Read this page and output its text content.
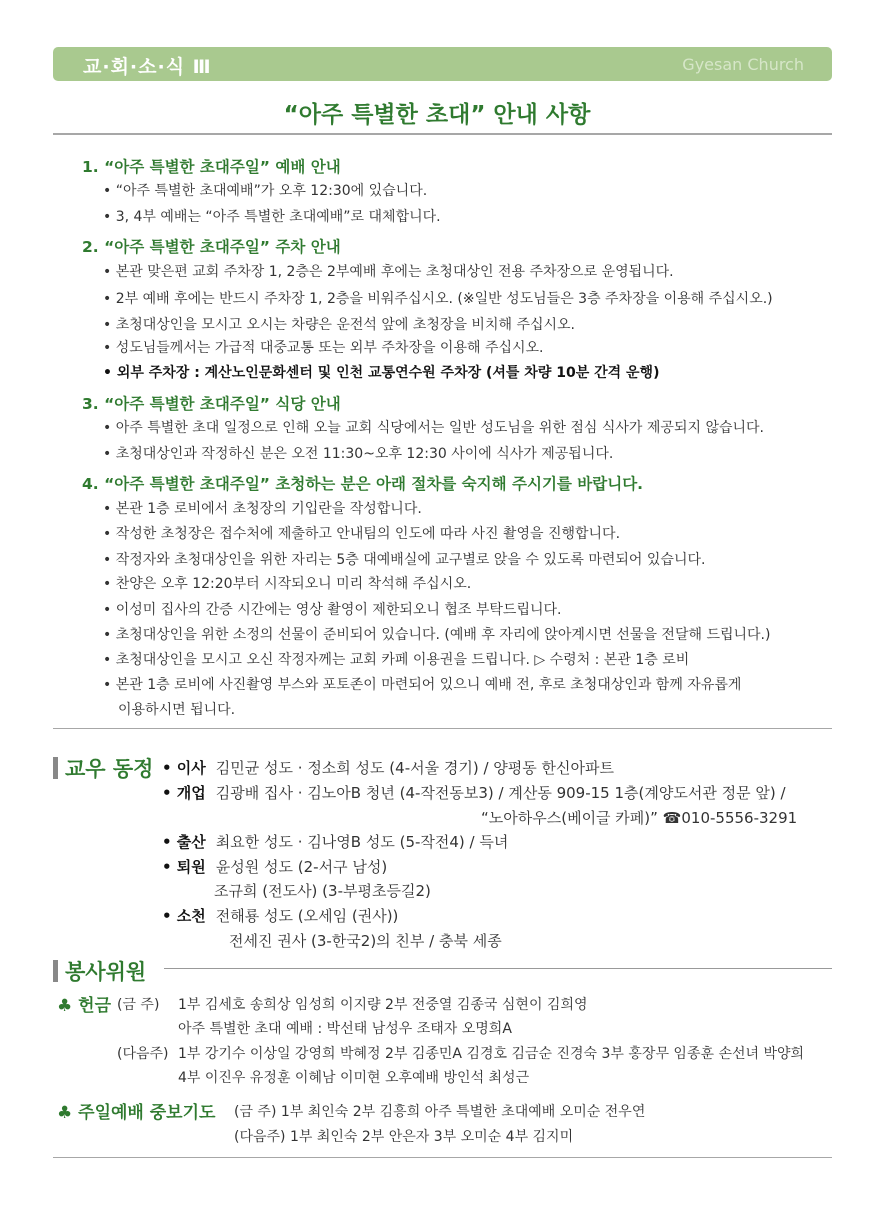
교·회·소·식 Ⅲ	Gyesan Church
“아주 특별한 초대” 안내 사항
1. “아주 특별한 초대주일” 예배 안내
• “아주 특별한 초대예배”가 오후 12:30에 있습니다.
• 3, 4부 예배는 “아주 특별한 초대예배”로 대체합니다.
2. “아주 특별한 초대주일” 주차 안내
• 본관 맞은편 교회 주차장 1, 2층은 2부예배 후에는 초청대상인 전용 주차장으로 운영됩니다.
• 2부 예배 후에는 반드시 주차장 1, 2층을 비워주십시오. (※일반 성도님들은 3층 주차장을 이용해 주십시오.)
• 초청대상인을 모시고 오시는 차량은 운전석 앞에 초청장을 비치해 주십시오.
• 성도님들께서는 가급적 대중교통 또는 외부 주차장을 이용해 주십시오.
• 외부 주차장 : 계산노인문화센터 및 인천 교통연수원 주차장 (셔틀 차량 10분 간격 운행)
3. “아주 특별한 초대주일” 식당 안내
• 아주 특별한 초대 일정으로 인해 오늘 교회 식당에서는 일반 성도님을 위한 점심 식사가 제공되지 않습니다.
• 초청대상인과 작정하신 분은 오전 11:30~오후 12:30 사이에 식사가 제공됩니다.
4. “아주 특별한 초대주일” 초청하는 분은 아래 절차를 숙지해 주시기를 바랍니다.
• 본관 1층 로비에서 초청장의 기입란을 작성합니다.
• 작성한 초청장은 접수처에 제출하고 안내팀의 인도에 따라 사진 촬영을 진행합니다.
• 작정자와 초청대상인을 위한 자리는 5층 대예배실에 교구별로 앉을 수 있도록 마련되어 있습니다.
• 찬양은 오후 12:20부터 시작되오니 미리 착석해 주십시오.
• 이성미 집사의 간증 시간에는 영상 촬영이 제한되오니 협조 부탁드립니다.
• 초청대상인을 위한 소정의 선물이 준비되어 있습니다. (예배 후 자리에 앉아계시면 선물을 전달해 드립니다.)
• 초청대상인을 모시고 오신 작정자께는 교회 카페 이용권을 드립니다. ▷ 수령처 : 본관 1층 로비
• 본관 1층 로비에 사진촬영 부스와 포토존이 마련되어 있으니 예배 전, 후로 초청대상인과 함께 자유롭게
이용하시면 됩니다.
교우 동정 • 이사 김민균 성도 · 정소희 성도 (4-서울 경기) / 양평동 한신아파트
• 개업 김광배 집사 · 김노아B 청년 (4-작전동보3) / 계산동 909-15 1층(계양도서관 정문 앞) /
“노아하우스(베이글 카페)” ☎010-5556-3291
• 출산 최요한 성도 · 김나영B 성도 (5-작전4) / 득녀
• 퇴원 윤성원 성도 (2-서구 남성)
조규희 (전도사) (3-부평초등길2)
• 소천 전해룡 성도 (오세임 (권사))
전세진 권사 (3-한국2)의 친부 / 충북 세종
봉사위원
♣ 헌금 (금 주) 1부 김세호 송희상 임성희 이지량 2부 전중열 김종국 심현이 김희영
아주 특별한 초대 예배 : 박선태 남성우 조태자 오명희A
(다음주) 1부 강기수 이상일 강영희 박혜정 2부 김종민A 김경호 김금순 진경숙 3부 홍장무 임종훈 손선녀 박양희
4부 이진우 유정훈 이혜남 이미현 오후예배 방인석 최성근
♣ 주일예배 중보기도 (금 주) 1부 최인숙 2부 김흥희 아주 특별한 초대예배 오미순 전우연
(다음주) 1부 최인숙 2부 안은자 3부 오미순 4부 김지미
